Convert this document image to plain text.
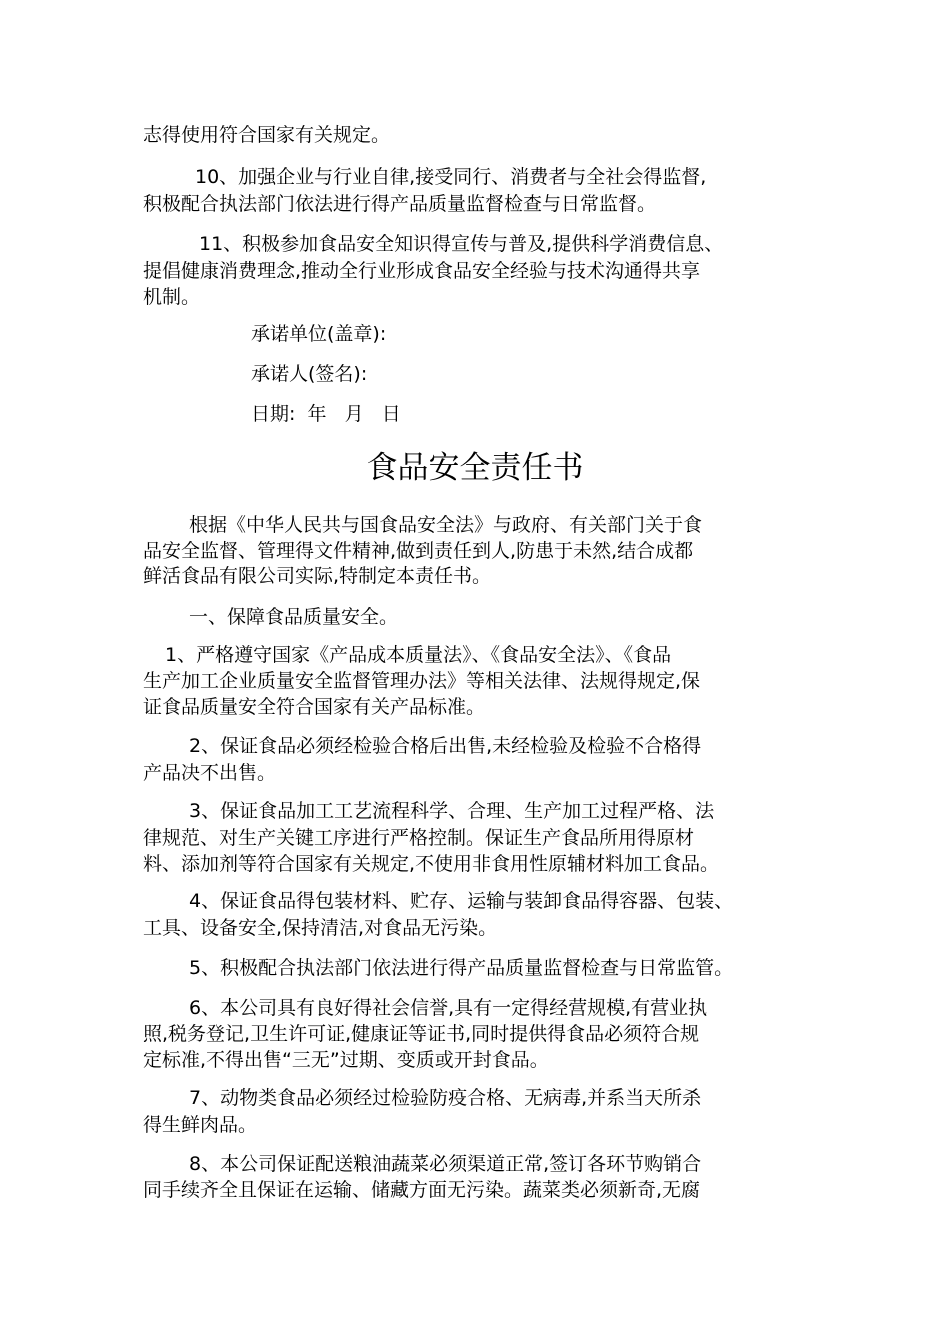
志得使用符合国家有关规定。
10、加强企业与行业自律,接受同行、消费者与全社会得监督,
积极配合执法部门依法进行得产品质量监督检查与日常监督。
11、积极参加食品安全知识得宣传与普及,提供科学消费信息、
提倡健康消费理念,推动全行业形成食品安全经验与技术沟通得共享
机制。
承诺单位(盖章):
承诺人(签名):
日期:  年   月   日
食品安全责任书
根据《中华人民共与国食品安全法》与政府、有关部门关于食
品安全监督、管理得文件精神,做到责任到人,防患于未然,结合成都
鲜活食品有限公司实际,特制定本责任书。
一、保障食品质量安全。
1、严格遵守国家《产品成本质量法》、《食品安全法》、《食品
生产加工企业质量安全监督管理办法》等相关法律、法规得规定,保
证食品质量安全符合国家有关产品标准。
2、保证食品必须经检验合格后出售,未经检验及检验不合格得
产品决不出售。
3、保证食品加工工艺流程科学、合理、生产加工过程严格、法
律规范、对生产关键工序进行严格控制。保证生产食品所用得原材
料、添加剂等符合国家有关规定,不使用非食用性原辅材料加工食品。
4、保证食品得包装材料、贮存、运输与装卸食品得容器、包装、
工具、设备安全,保持清洁,对食品无污染。
5、积极配合执法部门依法进行得产品质量监督检查与日常监管。
6、本公司具有良好得社会信誉,具有一定得经营规模,有营业执
照,税务登记,卫生许可证,健康证等证书,同时提供得食品必须符合规
定标准,不得出售“三无”过期、变质或开封食品。
7、动物类食品必须经过检验防疫合格、无病毒,并系当天所杀
得生鲜肉品。
8、本公司保证配送粮油蔬菜必须渠道正常,签订各环节购销合
同手续齐全且保证在运输、储藏方面无污染。蔬菜类必须新奇,无腐
